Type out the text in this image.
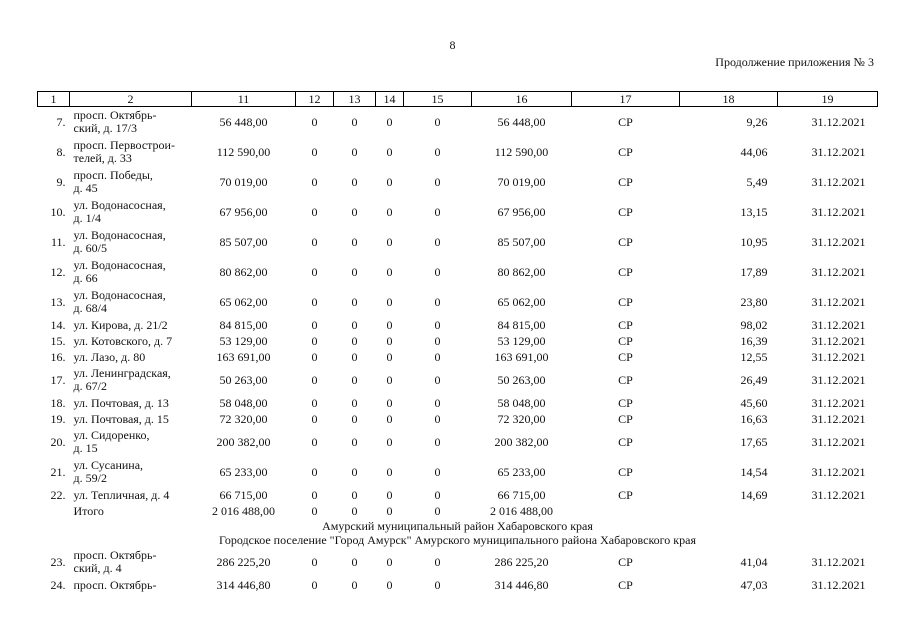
8
Продолжение приложения № 3
1	2	11	12	13	14	15	16	17	18	19
7.	просп. Октябрь-
ский, д. 17/3	56 448,00	0	0	0	0	56 448,00	СР	9,26	31.12.2021
8.	просп. Первострои-
телей, д. 33	112 590,00	0	0	0	0	112 590,00	СР	44,06	31.12.2021
9.	просп. Победы,
д. 45	70 019,00	0	0	0	0	70 019,00	СР	5,49	31.12.2021
10.	ул. Водонасосная,
д. 1/4	67 956,00	0	0	0	0	67 956,00	СР	13,15	31.12.2021
11.	ул. Водонасосная,
д. 60/5	85 507,00	0	0	0	0	85 507,00	СР	10,95	31.12.2021
12.	ул. Водонасосная,
д. 66	80 862,00	0	0	0	0	80 862,00	СР	17,89	31.12.2021
13.	ул. Водонасосная,
д. 68/4	65 062,00	0	0	0	0	65 062,00	СР	23,80	31.12.2021
14.	ул. Кирова, д. 21/2	84 815,00	0	0	0	0	84 815,00	СР	98,02	31.12.2021
15.	ул. Котовского, д. 7	53 129,00	0	0	0	0	53 129,00	СР	16,39	31.12.2021
16.	ул. Лазо, д. 80	163 691,00	0	0	0	0	163 691,00	СР	12,55	31.12.2021
17.	ул. Ленинградская,
д. 67/2	50 263,00	0	0	0	0	50 263,00	СР	26,49	31.12.2021
18.	ул. Почтовая, д. 13	58 048,00	0	0	0	0	58 048,00	СР	45,60	31.12.2021
19.	ул. Почтовая, д. 15	72 320,00	0	0	0	0	72 320,00	СР	16,63	31.12.2021
20.	ул. Сидоренко,
д. 15	200 382,00	0	0	0	0	200 382,00	СР	17,65	31.12.2021
21.	ул. Сусанина,
д. 59/2	65 233,00	0	0	0	0	65 233,00	СР	14,54	31.12.2021
22.	ул. Тепличная, д. 4	66 715,00	0	0	0	0	66 715,00	СР	14,69	31.12.2021
	Итого	2 016 488,00	0	0	0	0	2 016 488,00			
Амурский муниципальный район Хабаровского края										
Городское поселение "Город Амурск" Амурского муниципального района Хабаровского края										
23.	просп. Октябрь-
ский, д. 4	286 225,20	0	0	0	0	286 225,20	СР	41,04	31.12.2021
24.	просп. Октябрь-	314 446,80	0	0	0	0	314 446,80	СР	47,03	31.12.2021
